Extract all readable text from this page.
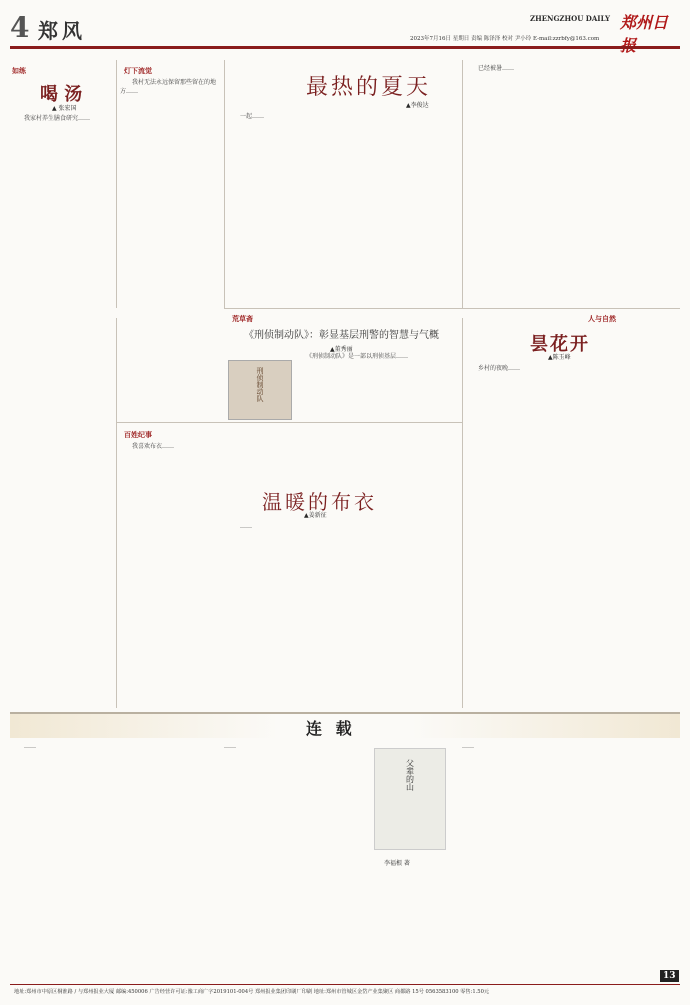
4 郑风
ZHENGZHOU DAILY 郑州日
2023年7月16日 星期日 责编 陈泽泽 校对 尹小玲 E-mail:zzrbfy@163.com
如练
喝 汤
▲ 张宏国

我家村养生膳食研究……

灯下流觉

我村无法永远保留那些留在的地方……	最热的夏天
▲李俊达

一起……

已经被暑……

荒草斋
《刑侦制动队》：彰显基层刑警的智慧与气概
▲董秀丽
刑侦制动队

《刑侦制动队》是一部以刑侦基层……

人与自然
昙花开
▲陈玉峰

乡村的夜晚……

百姓纪事
温暖的布衣
▲姜新征

我喜欢布衣……

……

连 载

……	……

父辈的山
李福根 著

……

13
地址:郑州市中原区桐淮路 / 与郑州报业大厦 邮编:450006 广告经营许可证:豫工商广字2019101-004号 郑州报业集团印刷厂印刷 地址:郑州市管城区金岱产业集聚区 商都路 15号 0563583100 零售:1.50元
